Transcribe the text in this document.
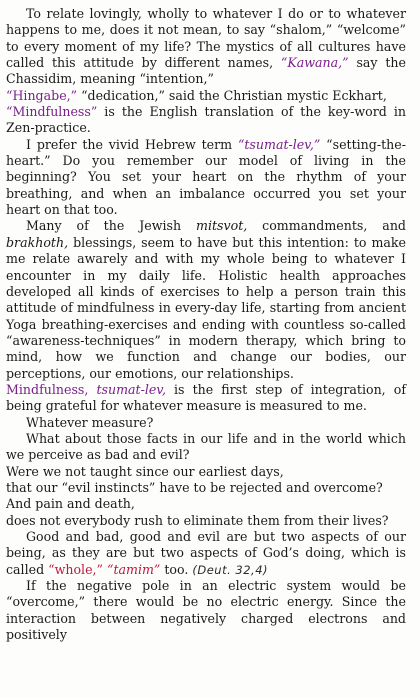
To relate lovingly, wholly to whatever I do or to whatever happens to me, does it not mean, to say “shalom,” “welcome” to every moment of my life? The mystics of all cultures have called this attitude by different names, “Kawana,” say the Chassidim, meaning “intention,”

“Hingabe,” “dedication,” said the Christian mystic Eckhart,

“Mindfulness” is the English translation of the key-word in Zen-practice.

I prefer the vivid Hebrew term “tsumat-lev,” “setting-the-heart.” Do you remember our model of living in the beginning? You set your heart on the rhythm of your breathing, and when an imbalance occurred you set your heart on that too.

Many of the Jewish mitsvot, commandments, and brakhoth, blessings, seem to have but this intention: to make me relate awarely and with my whole being to whatever I encounter in my daily life. Holistic health approaches developed all kinds of exercises to help a person train this attitude of mindfulness in every-day life, starting from ancient Yoga breathing-exercises and ending with countless so-called “awareness-techniques” in modern therapy, which bring to mind, how we function and change our bodies, our perceptions, our emotions, our relationships.

Mindfulness, tsumat-lev, is the first step of integration, of being grateful for whatever measure is measured to me.

Whatever measure?

What about those facts in our life and in the world which we perceive as bad and evil?

Were we not taught since our earliest days,

that our “evil instincts” have to be rejected and overcome?

And pain and death,

does not everybody rush to eliminate them from their lives?

Good and bad, good and evil are but two aspects of our being, as they are but two aspects of God’s doing, which is called “whole,” “tamim” too. (Deut. 32,4)

If the negative pole in an electric system would be “overcome,” there would be no electric energy. Since the interaction between negatively charged electrons and positively
